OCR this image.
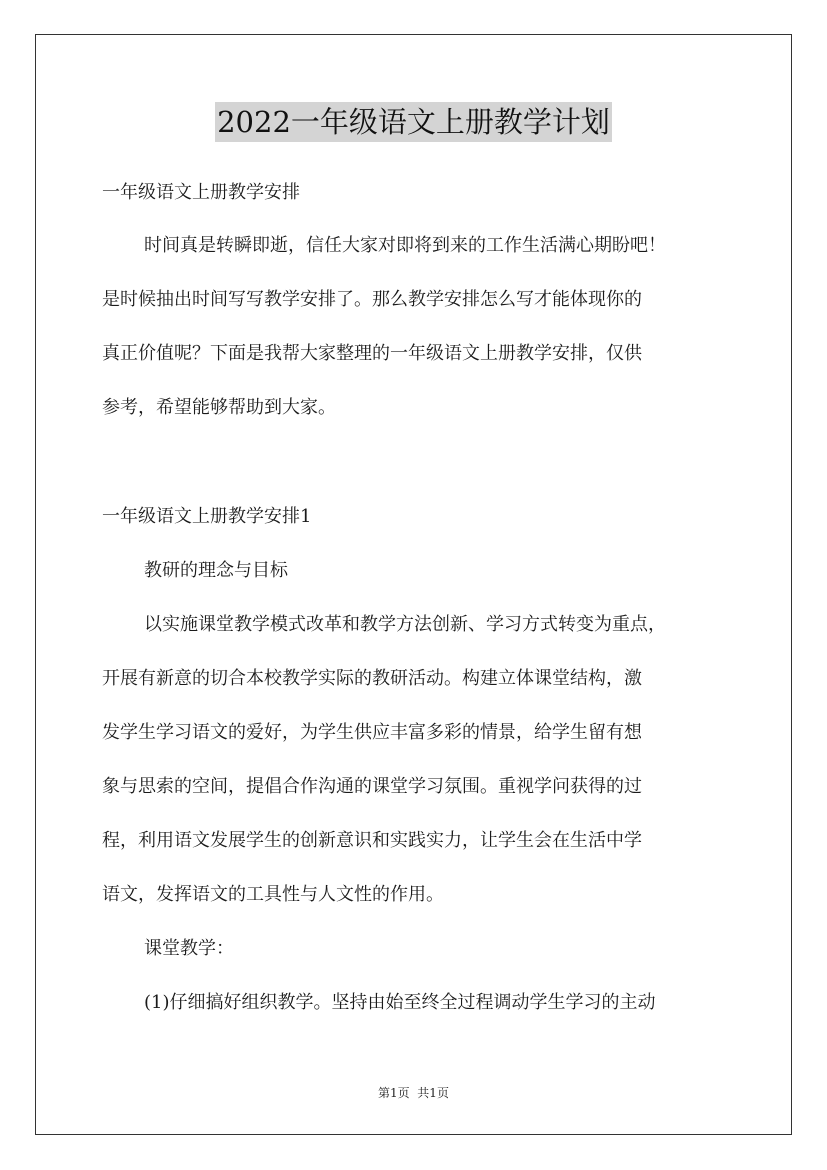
2022一年级语文上册教学计划
一年级语文上册教学安排
时间真是转瞬即逝，信任大家对即将到来的工作生活满心期盼吧！
是时候抽出时间写写教学安排了。那么教学安排怎么写才能体现你的
真正价值呢？下面是我帮大家整理的一年级语文上册教学安排，仅供
参考，希望能够帮助到大家。
一年级语文上册教学安排1
教研的理念与目标
以实施课堂教学模式改革和教学方法创新、学习方式转变为重点，
开展有新意的切合本校教学实际的教研活动。构建立体课堂结构，激
发学生学习语文的爱好，为学生供应丰富多彩的情景，给学生留有想
象与思索的空间，提倡合作沟通的课堂学习氛围。重视学问获得的过
程，利用语文发展学生的创新意识和实践实力，让学生会在生活中学
语文，发挥语文的工具性与人文性的作用。
课堂教学：
(1)仔细搞好组织教学。坚持由始至终全过程调动学生学习的主动
第1页  共1页
